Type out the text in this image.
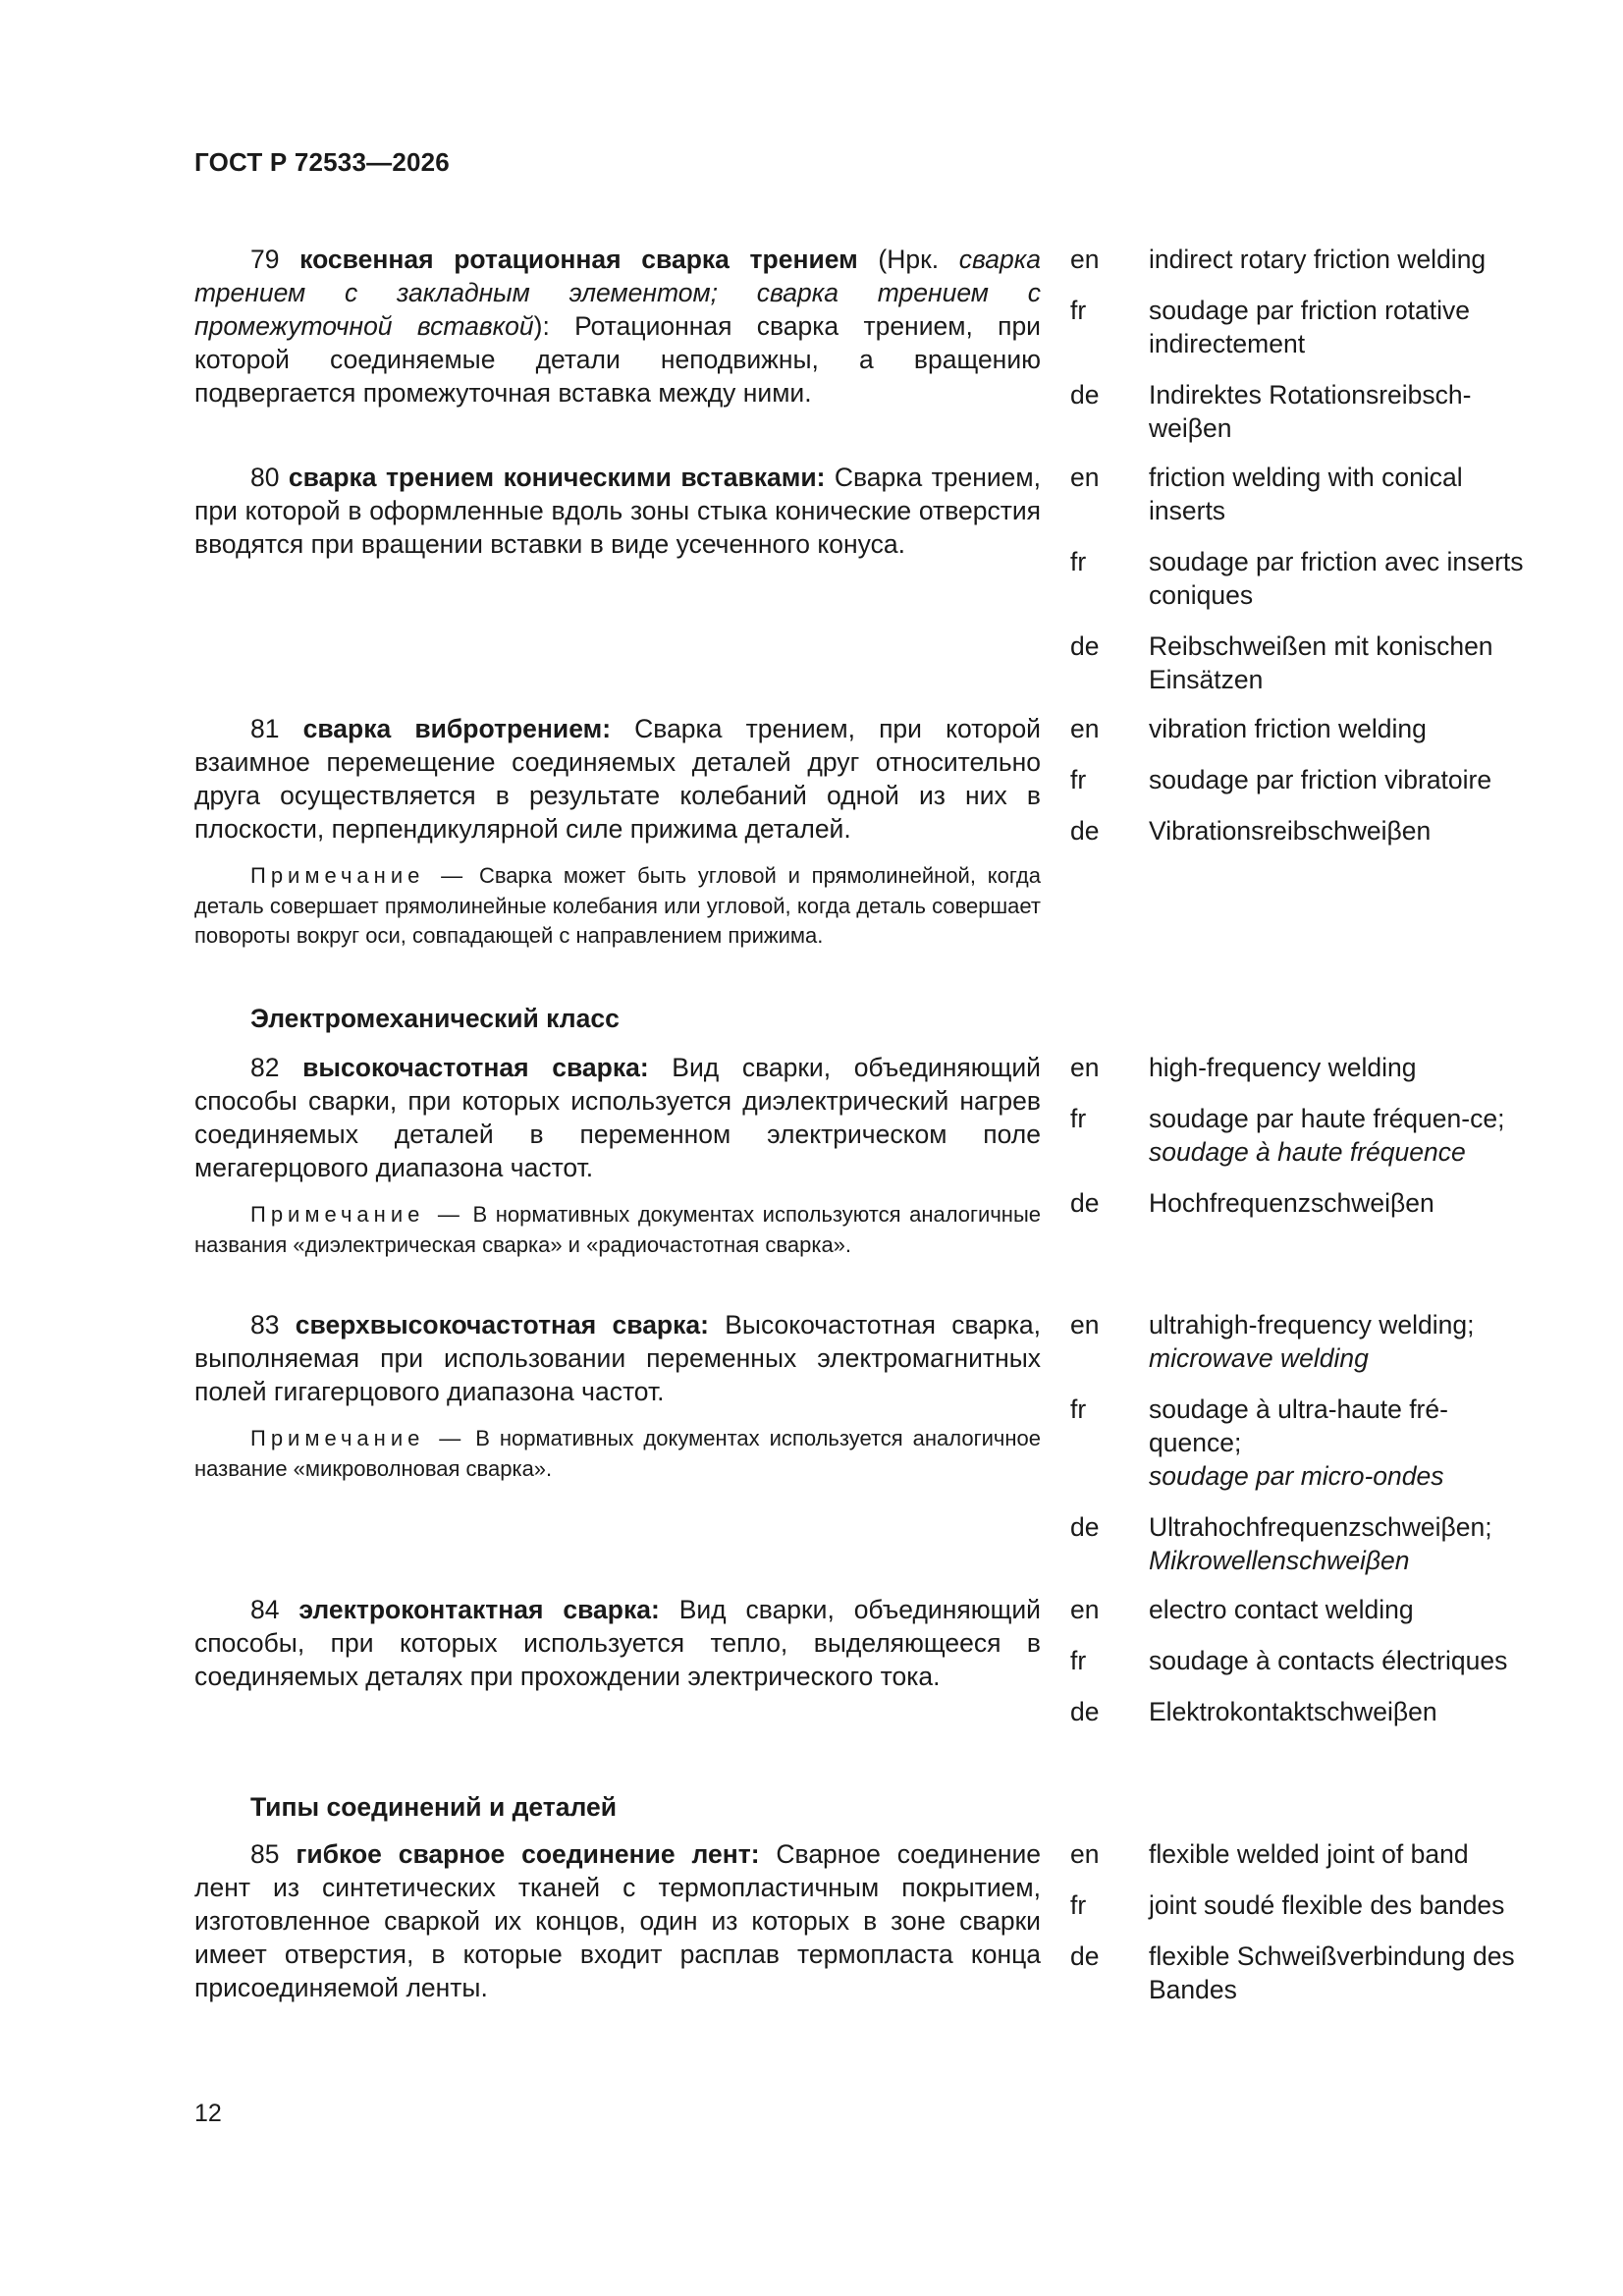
ГОСТ Р 72533—2026

79 косвенная ротационная сварка трением (Нрк. сварка трением с закладным элементом; сварка трением с промежуточной вставкой): Ротационная сварка трением, при которой соединяемые детали неподвижны, а вращению подвергается промежуточная вставка между ними.

en	indirect rotary friction welding
fr	soudage par friction rotative indirectement
de	Indirektes Rotationsreibsch-weiβen

80 сварка трением коническими вставками: Сварка трением, при которой в оформленные вдоль зоны стыка конические отверстия вводятся при вращении вставки в виде усеченного конуса.

en	friction welding with conical inserts
fr	soudage par friction avec inserts coniques
de	Reibschweißen mit konischen Einsätzen

81 сварка вибротрением: Сварка трением, при которой взаимное перемещение соединяемых деталей друг относительно друга осуществляется в результате колебаний одной из них в плоскости, перпендикулярной силе прижима деталей.

Примечание — Сварка может быть угловой и прямолинейной, когда деталь совершает прямолинейные колебания или угловой, когда деталь совершает повороты вокруг оси, совпадающей с направлением прижима.

en	vibration friction welding
fr	soudage par friction vibratoire
de	Vibrationsreibschweiβen
Электромеханический класс

82 высокочастотная сварка: Вид сварки, объединяющий способы сварки, при которых используется диэлектрический нагрев соединяемых деталей в переменном электрическом поле мегагерцового диапазона частот.

Примечание — В нормативных документах используются аналогичные названия «диэлектрическая сварка» и «радиочастотная сварка».

en	high-frequency welding
fr	soudage par haute fréquen-ce;
soudage à haute fréquence
de	Hochfrequenzschweiβen

83 сверхвысокочастотная сварка: Высокочастотная сварка, выполняемая при использовании переменных электромагнитных полей гигагерцового диапазона частот.

Примечание — В нормативных документах используется аналогичное название «микроволновая сварка».

en	ultrahigh-frequency welding;
microwave welding
fr	soudage à ultra-haute fré-quence;
soudage par micro-ondes
de	Ultrahochfrequenzschweiβen;
Mikrowellenschweiβen

84 электроконтактная сварка: Вид сварки, объединяющий способы, при которых используется тепло, выделяющееся в соединяемых деталях при прохождении электрического тока.

en	electro contact welding
fr	soudage à contacts électriques
de	Elektrokontaktschweiβen
Типы соединений и деталей

85 гибкое сварное соединение лент: Сварное соединение лент из синтетических тканей с термопластичным покрытием, изготовленное сваркой их концов, один из которых в зоне сварки имеет отверстия, в которые входит расплав термопласта конца присоединяемой ленты.

en	flexible welded joint of band
fr	joint soudé flexible des bandes
de	flexible Schweißverbindung des Bandes
12
